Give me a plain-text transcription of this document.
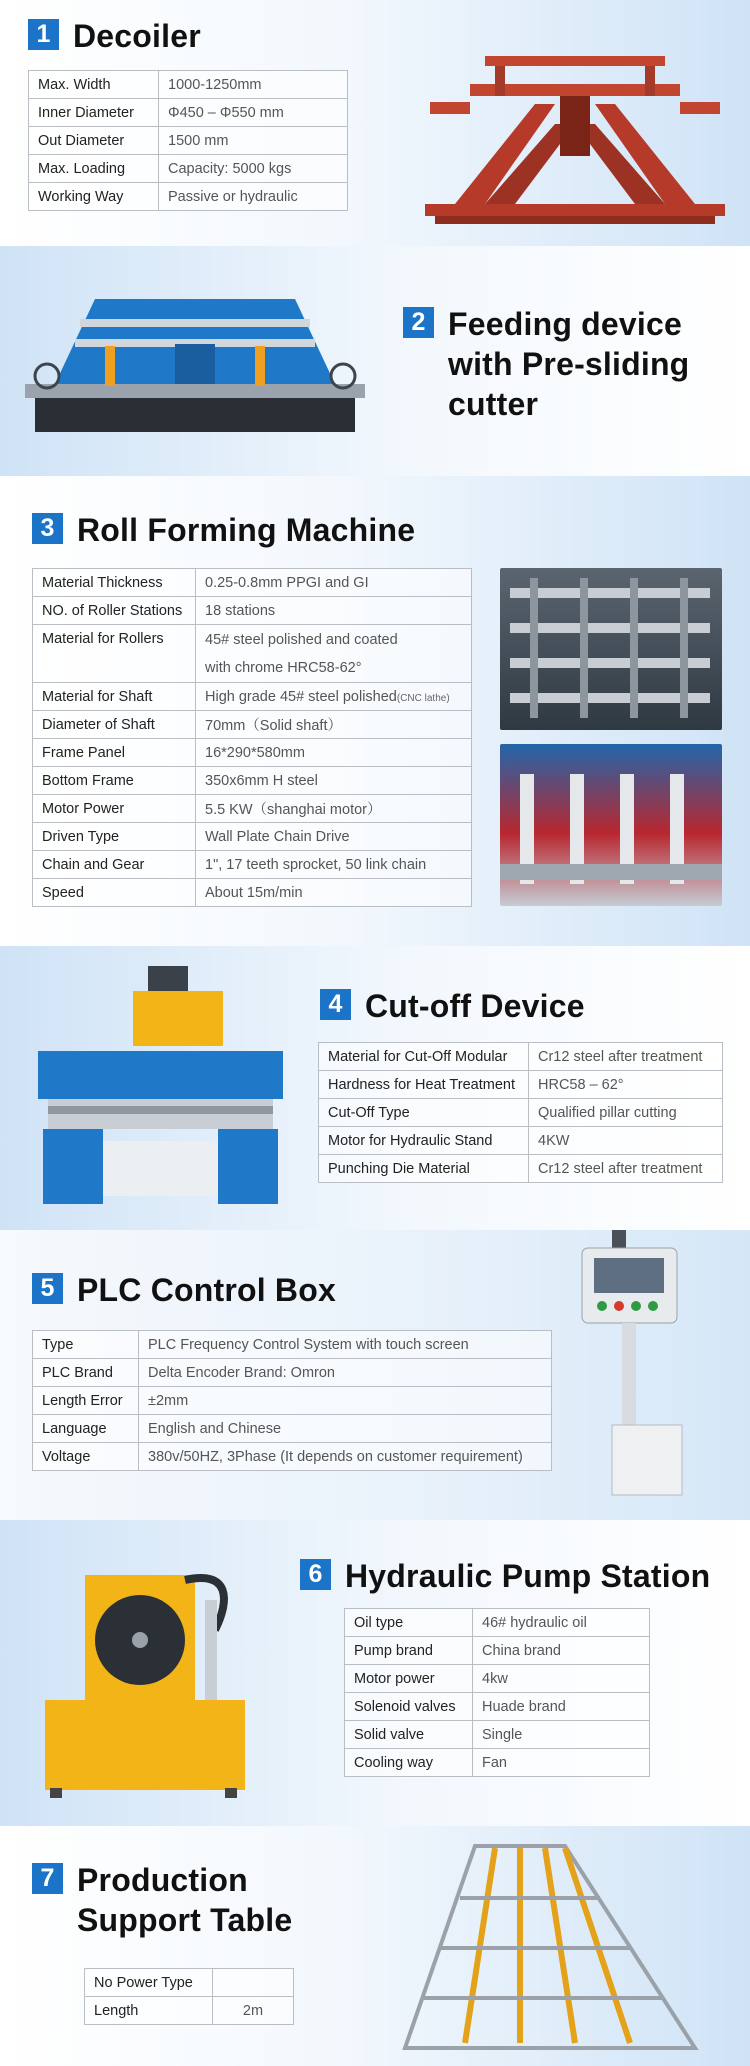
1 Decoiler
Max. Width	1000-1250mm
Inner Diameter	Φ450 – Φ550 mm
Out Diameter	1500 mm
Max. Loading	Capacity: 5000 kgs
Working Way	Passive or hydraulic
2 Feeding device
with Pre-sliding
cutter
3 Roll Forming Machine
Material Thickness	0.25-0.8mm PPGI and GI
NO. of Roller Stations	18 stations
Material for Rollers	45# steel polished and coated
with chrome HRC58-62°
Material for Shaft	High grade 45# steel polished(CNC lathe)
Diameter of Shaft	70mm（Solid shaft）
Frame Panel	16*290*580mm
Bottom Frame	350x6mm H steel
Motor Power	5.5 KW（shanghai motor）
Driven Type	Wall Plate Chain Drive
Chain and Gear	1", 17 teeth sprocket, 50 link chain
Speed	About 15m/min
4 Cut-off Device
Material for Cut-Off Modular	Cr12 steel after treatment
Hardness for Heat Treatment	HRC58 – 62°
Cut-Off Type	Qualified pillar cutting
Motor for Hydraulic Stand	4KW
Punching Die Material	Cr12 steel after treatment
5 PLC Control Box
Type	PLC Frequency Control System with touch screen
PLC Brand	Delta Encoder Brand: Omron
Length Error	±2mm
Language	English and Chinese
Voltage	380v/50HZ, 3Phase (It depends on customer requirement)
6 Hydraulic Pump Station
Oil type	46# hydraulic oil
Pump brand	China brand
Motor power	4kw
Solenoid valves	Huade brand
Solid valve	Single
Cooling way	Fan
7 Production
Support Table
No Power Type	
Length	2m
